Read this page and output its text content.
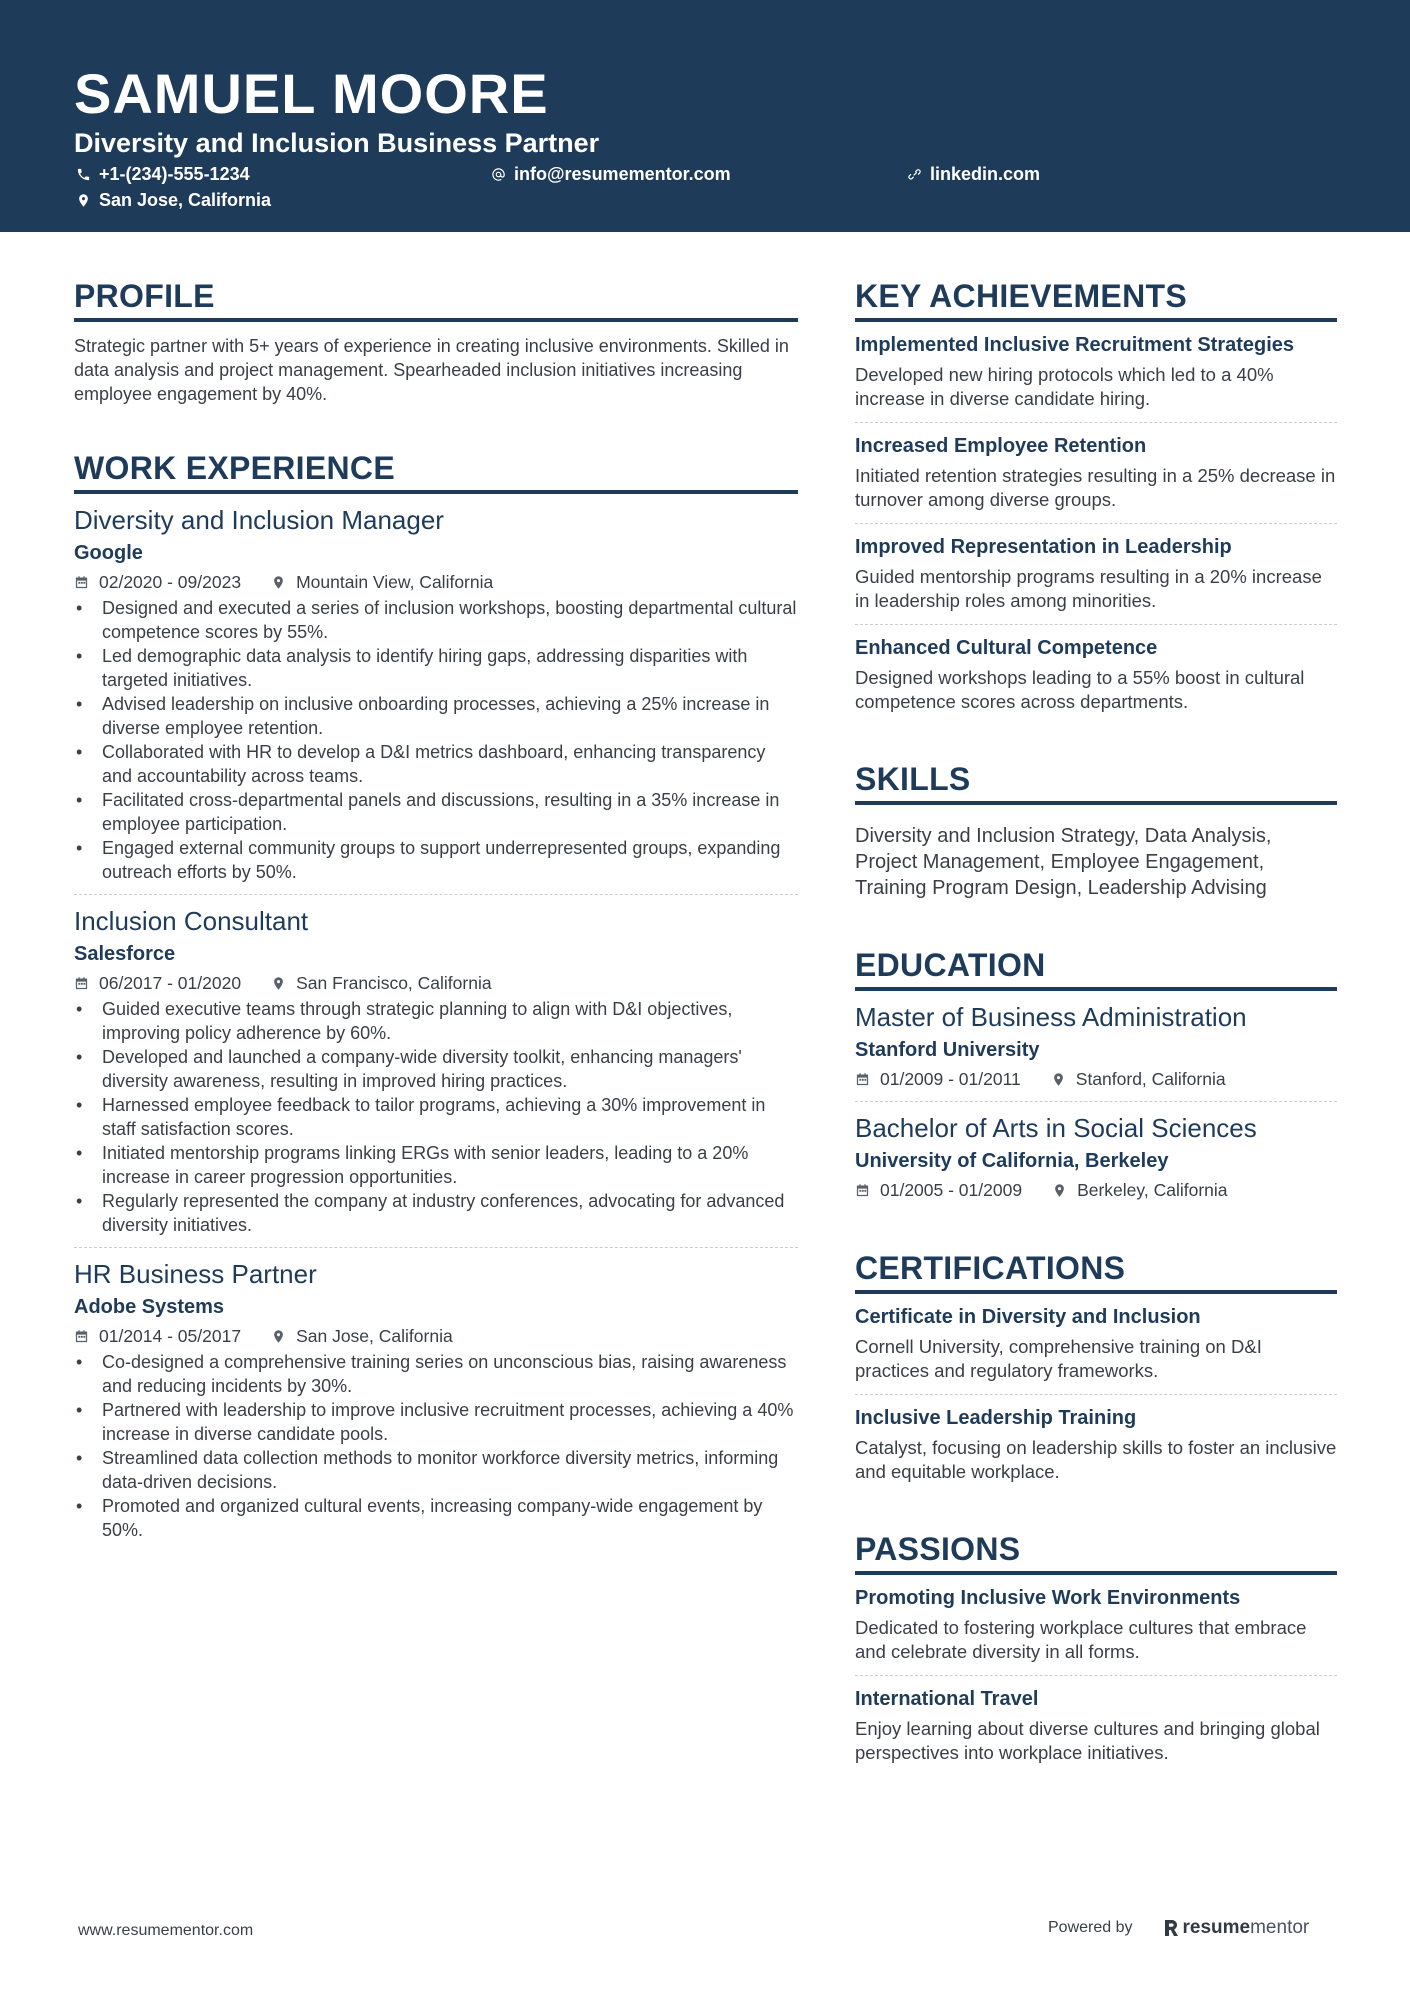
SAMUEL MOORE
Diversity and Inclusion Business Partner
+1-(234)-555-1234	info@resumementor.com	linkedin.com
San Jose, California
PROFILE
Strategic partner with 5+ years of experience in creating inclusive environments. Skilled in data analysis and project management. Spearheaded inclusion initiatives increasing employee engagement by 40%.
WORK EXPERIENCE
Diversity and Inclusion Manager
Google
02/2020 - 09/2023	Mountain View, California
• Designed and executed a series of inclusion workshops, boosting departmental cultural competence scores by 55%.
• Led demographic data analysis to identify hiring gaps, addressing disparities with targeted initiatives.
• Advised leadership on inclusive onboarding processes, achieving a 25% increase in diverse employee retention.
• Collaborated with HR to develop a D&I metrics dashboard, enhancing transparency and accountability across teams.
• Facilitated cross-departmental panels and discussions, resulting in a 35% increase in employee participation.
• Engaged external community groups to support underrepresented groups, expanding outreach efforts by 50%.
Inclusion Consultant
Salesforce
06/2017 - 01/2020	San Francisco, California
• Guided executive teams through strategic planning to align with D&I objectives, improving policy adherence by 60%.
• Developed and launched a company-wide diversity toolkit, enhancing managers' diversity awareness, resulting in improved hiring practices.
• Harnessed employee feedback to tailor programs, achieving a 30% improvement in staff satisfaction scores.
• Initiated mentorship programs linking ERGs with senior leaders, leading to a 20% increase in career progression opportunities.
• Regularly represented the company at industry conferences, advocating for advanced diversity initiatives.
HR Business Partner
Adobe Systems
01/2014 - 05/2017	San Jose, California
• Co-designed a comprehensive training series on unconscious bias, raising awareness and reducing incidents by 30%.
• Partnered with leadership to improve inclusive recruitment processes, achieving a 40% increase in diverse candidate pools.
• Streamlined data collection methods to monitor workforce diversity metrics, informing data-driven decisions.
• Promoted and organized cultural events, increasing company-wide engagement by 50%.
KEY ACHIEVEMENTS
Implemented Inclusive Recruitment Strategies
Developed new hiring protocols which led to a 40% increase in diverse candidate hiring.
Increased Employee Retention
Initiated retention strategies resulting in a 25% decrease in turnover among diverse groups.
Improved Representation in Leadership
Guided mentorship programs resulting in a 20% increase in leadership roles among minorities.
Enhanced Cultural Competence
Designed workshops leading to a 55% boost in cultural competence scores across departments.
SKILLS
Diversity and Inclusion Strategy, Data Analysis, Project Management, Employee Engagement, Training Program Design, Leadership Advising
EDUCATION
Master of Business Administration
Stanford University
01/2009 - 01/2011	Stanford, California
Bachelor of Arts in Social Sciences
University of California, Berkeley
01/2005 - 01/2009	Berkeley, California
CERTIFICATIONS
Certificate in Diversity and Inclusion
Cornell University, comprehensive training on D&I practices and regulatory frameworks.
Inclusive Leadership Training
Catalyst, focusing on leadership skills to foster an inclusive and equitable workplace.
PASSIONS
Promoting Inclusive Work Environments
Dedicated to fostering workplace cultures that embrace and celebrate diversity in all forms.
International Travel
Enjoy learning about diverse cultures and bringing global perspectives into workplace initiatives.
www.resumementor.com	Powered by	resume mentor
